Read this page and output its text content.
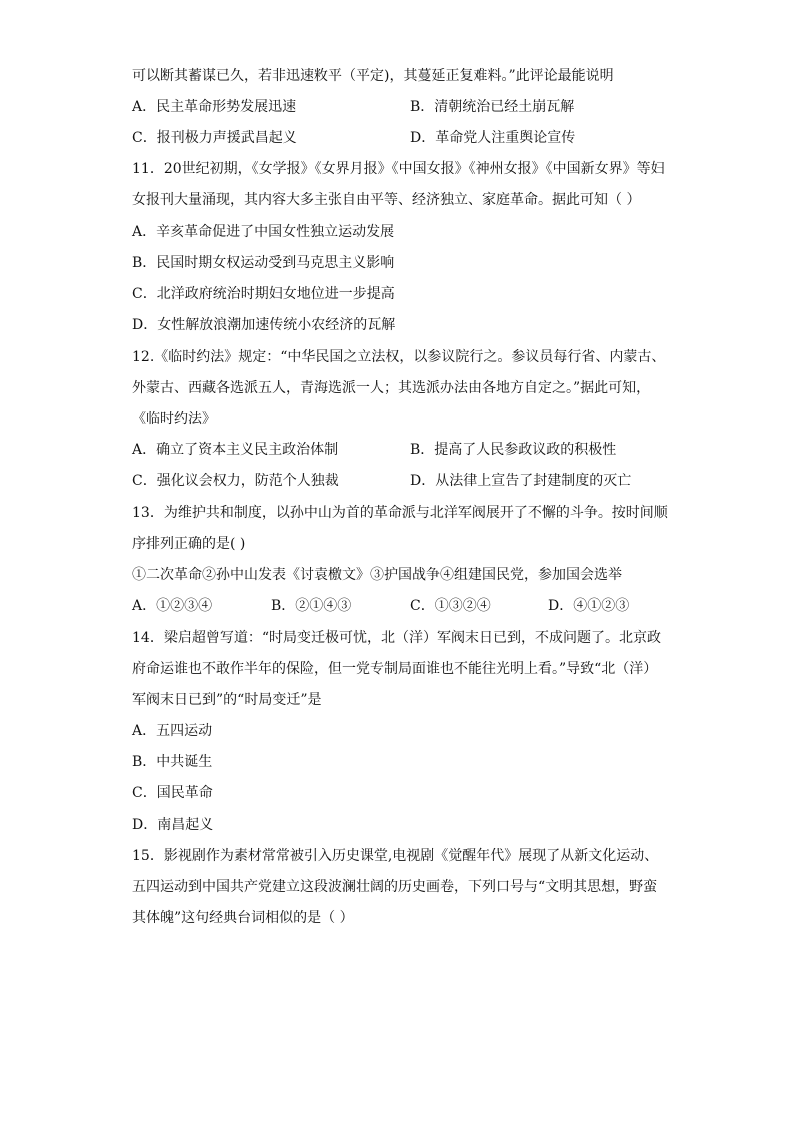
可以断其蓄谋已久，若非迅速敉平（平定)，其蔓延正复难料。”此评论最能说明
A．民主革命形势发展迅速	B．清朝统治已经土崩瓦解
C．报刊极力声援武昌起义	D．革命党人注重舆论宣传
11．20世纪初期，《女学报》《女界月报》《中国女报》《神州女报》《中国新女界》等妇
女报刊大量涌现，其内容大多主张自由平等、经济独立、家庭革命。据此可知（ ）
A．辛亥革命促进了中国女性独立运动发展
B．民国时期女权运动受到马克思主义影响
C．北洋政府统治时期妇女地位进一步提高
D．女性解放浪潮加速传统小农经济的瓦解
12.《临时约法》规定：“中华民国之立法权，以参议院行之。参议员每行省、内蒙古、
外蒙古、西藏各选派五人，青海选派一人；其选派办法由各地方自定之。”据此可知，
《临时约法》
A．确立了资本主义民主政治体制	B．提高了人民参政议政的积极性
C．强化议会权力，防范个人独裁	D．从法律上宣告了封建制度的灭亡
13．为维护共和制度，以孙中山为首的革命派与北洋军阀展开了不懈的斗争。按时间顺
序排列正确的是( )
①二次革命②孙中山发表《讨袁檄文》③护国战争④组建国民党，参加国会选举
A．①②③④	B．②①④③	C．①③②④	D．④①②③
14．梁启超曾写道：“时局变迁极可忧，北（洋）军阀末日已到，不成问题了。北京政
府命运谁也不敢作半年的保险，但一党专制局面谁也不能往光明上看。”导致“北（洋）
军阀末日已到”的“时局变迁”是
A．五四运动
B．中共诞生
C．国民革命
D．南昌起义
15．影视剧作为素材常常被引入历史课堂,电视剧《觉醒年代》展现了从新文化运动、
五四运动到中国共产党建立这段波澜壮阔的历史画卷，下列口号与“文明其思想，野蛮
其体魄”这句经典台词相似的是（ ）
